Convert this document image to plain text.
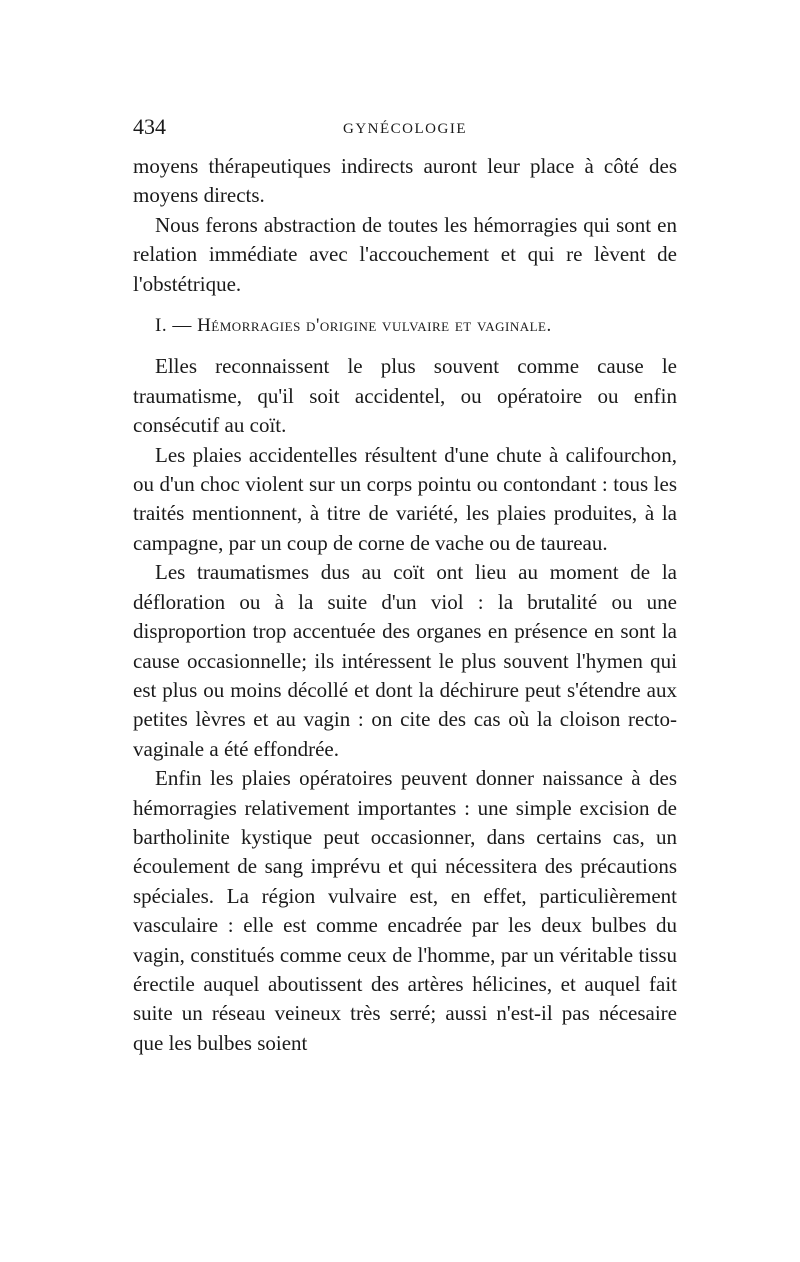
434	GYNÉCOLOGIE

moyens thérapeutiques indirects auront leur place à côté des moyens directs.

Nous ferons abstraction de toutes les hémorragies qui sont en relation immédiate avec l'accouchement et qui re lèvent de l'obstétrique.

I. — Hémorragies d'origine vulvaire et vaginale.

Elles reconnaissent le plus souvent comme cause le traumatisme, qu'il soit accidentel, ou opératoire ou enfin consécutif au coït.

Les plaies accidentelles résultent d'une chute à califourchon, ou d'un choc violent sur un corps pointu ou contondant : tous les traités mentionnent, à titre de variété, les plaies produites, à la campagne, par un coup de corne de vache ou de taureau.

Les traumatismes dus au coït ont lieu au moment de la défloration ou à la suite d'un viol : la brutalité ou une disproportion trop accentuée des organes en présence en sont la cause occasionnelle; ils intéressent le plus souvent l'hymen qui est plus ou moins décollé et dont la déchirure peut s'étendre aux petites lèvres et au vagin : on cite des cas où la cloison recto-vaginale a été effondrée.

Enfin les plaies opératoires peuvent donner naissance à des hémorragies relativement importantes : une simple excision de bartholinite kystique peut occasionner, dans certains cas, un écoulement de sang imprévu et qui nécessitera des précautions spéciales. La région vulvaire est, en effet, particulièrement vasculaire : elle est comme encadrée par les deux bulbes du vagin, constitués comme ceux de l'homme, par un véritable tissu érectile auquel aboutissent des artères hélicines, et auquel fait suite un réseau veineux très serré; aussi n'est-il pas nécesaire que les bulbes soient
